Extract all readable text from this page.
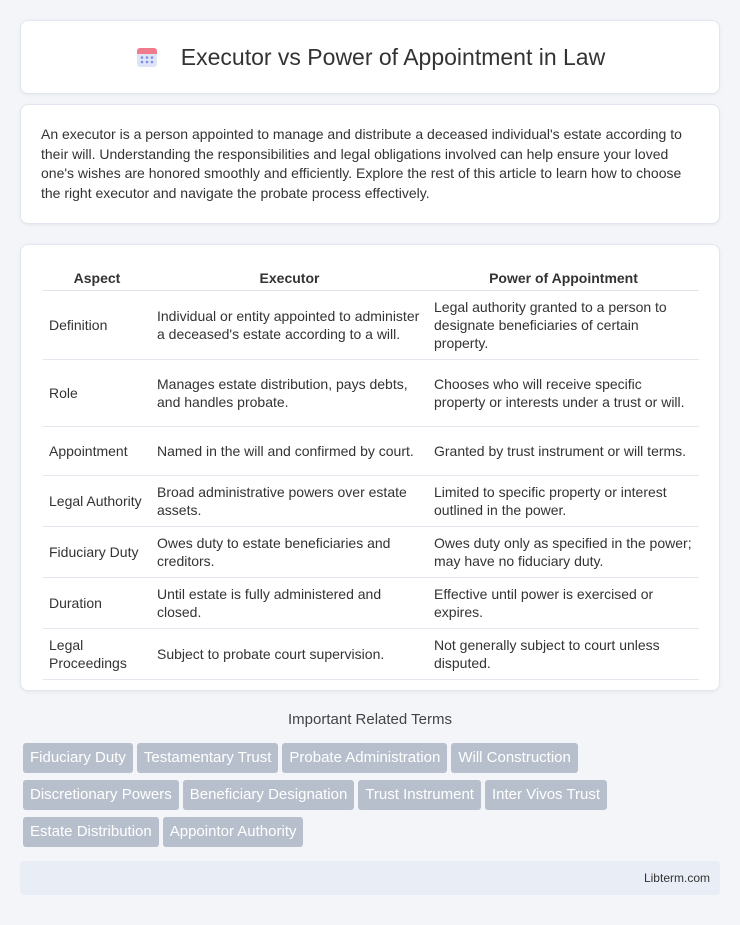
Executor vs Power of Appointment in Law

An executor is a person appointed to manage and distribute a deceased individual's estate according to their will. Understanding the responsibilities and legal obligations involved can help ensure your loved one's wishes are honored smoothly and efficiently. Explore the rest of this article to learn how to choose the right executor and navigate the probate process effectively.

Aspect	Executor	Power of Appointment
Definition	Individual or entity appointed to administer a deceased's estate according to a will.	Legal authority granted to a person to designate beneficiaries of certain property.
Role	Manages estate distribution, pays debts, and handles probate.	Chooses who will receive specific property or interests under a trust or will.
Appointment	Named in the will and confirmed by court.	Granted by trust instrument or will terms.
Legal Authority	Broad administrative powers over estate assets.	Limited to specific property or interest outlined in the power.
Fiduciary Duty	Owes duty to estate beneficiaries and creditors.	Owes duty only as specified in the power; may have no fiduciary duty.
Duration	Until estate is fully administered and closed.	Effective until power is exercised or expires.
Legal Proceedings	Subject to probate court supervision.	Not generally subject to court unless disputed.
Important Related Terms
Fiduciary Duty Testamentary Trust Probate Administration Will Construction
Discretionary Powers Beneficiary Designation Trust Instrument Inter Vivos Trust
Estate Distribution Appointor Authority
Libterm.com
